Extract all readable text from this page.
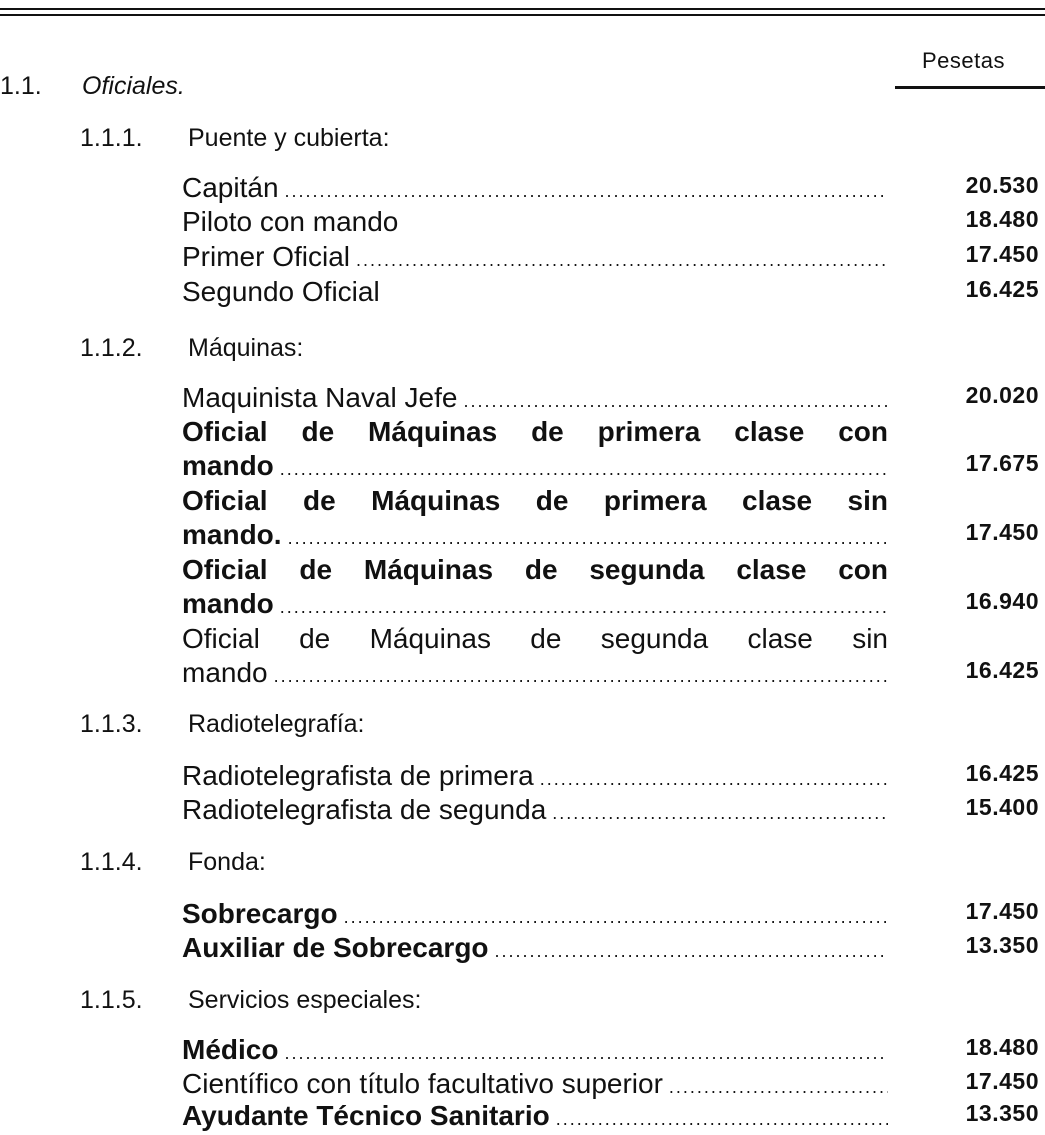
Pesetas
1.1. Oficiales.
1.1.1. Puente y cubierta:
Capitán .....	20.530
Piloto con mando	18.480
Primer Oficial .....	17.450
Segundo Oficial	16.425
1.1.2. Máquinas:
Maquinista Naval Jefe .....	20.020
Oficial de Máquinas de primera clase con
mando .....	17.675
Oficial de Máquinas de primera clase sin
mando. .....	17.450
Oficial de Máquinas de segunda clase con
mando .....	16.940
Oficial de Máquinas de segunda clase sin
mando .....	16.425
1.1.3. Radiotelegrafía:
Radiotelegrafista de primera .....	16.425
Radiotelegrafista de segunda .....	15.400
1.1.4. Fonda:
Sobrecargo .....	17.450
Auxiliar de Sobrecargo .....	13.350
1.1.5. Servicios especiales:
Médico .....	18.480
Científico con título facultativo superior .....	17.450
Ayudante Técnico Sanitario .....	13.350
